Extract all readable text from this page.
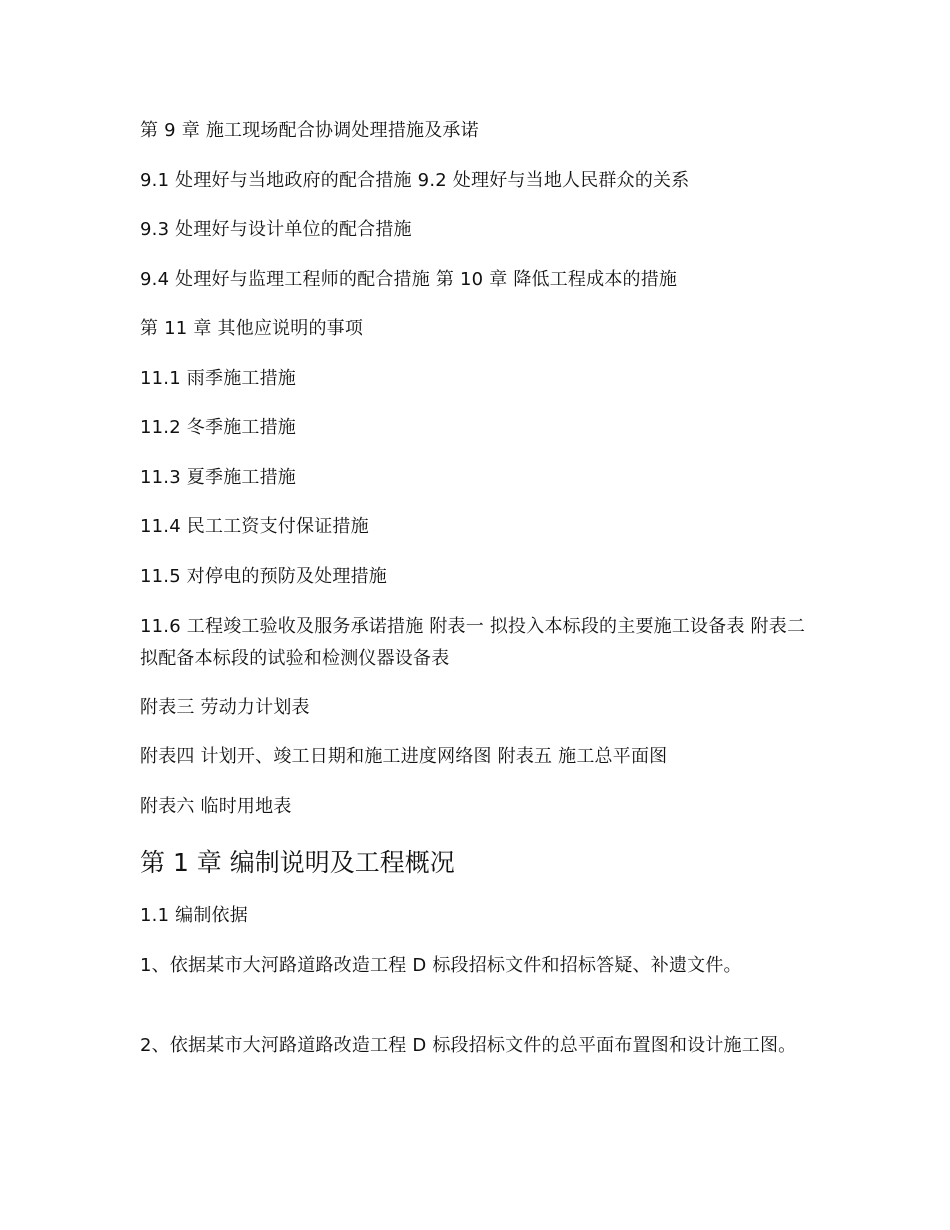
第 9 章 施工现场配合协调处理措施及承诺
9.1 处理好与当地政府的配合措施 9.2 处理好与当地人民群众的关系
9.3 处理好与设计单位的配合措施
9.4 处理好与监理工程师的配合措施 第 10 章 降低工程成本的措施
第 11 章 其他应说明的事项
11.1 雨季施工措施
11.2 冬季施工措施
11.3 夏季施工措施
11.4 民工工资支付保证措施
11.5 对停电的预防及处理措施
11.6 工程竣工验收及服务承诺措施 附表一 拟投入本标段的主要施工设备表 附表二 拟配备本标段的试验和检测仪器设备表
附表三 劳动力计划表
附表四 计划开、竣工日期和施工进度网络图 附表五 施工总平面图
附表六 临时用地表
第 1 章 编制说明及工程概况
1.1 编制依据
1、依据某市大河路道路改造工程 D 标段招标文件和招标答疑、补遗文件。
2、依据某市大河路道路改造工程 D 标段招标文件的总平面布置图和设计施工图。
